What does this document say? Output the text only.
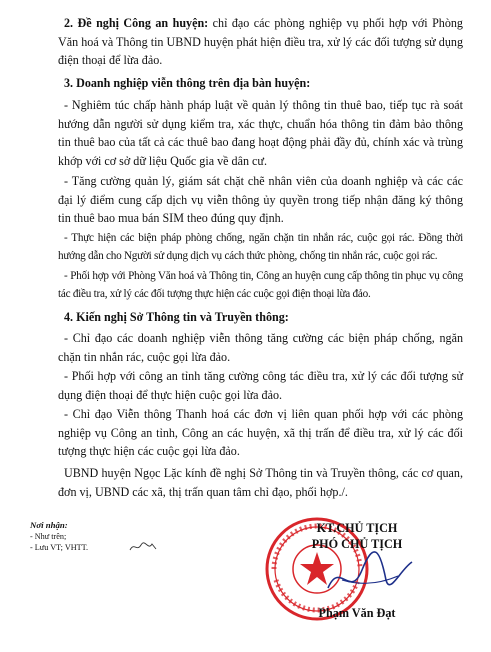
2. Đề nghị Công an huyện: chỉ đạo các phòng nghiệp vụ phối hợp với Phòng Văn hoá và Thông tin UBND huyện phát hiện điều tra, xử lý các đối tượng sử dụng điện thoại để lừa đảo.

3. Doanh nghiệp viễn thông trên địa bàn huyện:

- Nghiêm túc chấp hành pháp luật về quản lý thông tin thuê bao, tiếp tục rà soát hướng dẫn người sử dụng kiểm tra, xác thực, chuẩn hóa thông tin đảm bảo thông tin thuê bao của tất cả các thuê bao đang hoạt động phải đầy đủ, chính xác và trùng khớp với cơ sở dữ liệu Quốc gia về dân cư.

- Tăng cường quản lý, giám sát chặt chẽ nhân viên của doanh nghiệp và các các đại lý điểm cung cấp dịch vụ viễn thông ủy quyền trong tiếp nhận đăng ký thông tin thuê bao mua bán SIM theo đúng quy định.

- Thực hiện các biện pháp phòng chống, ngăn chặn tin nhắn rác, cuộc gọi rác. Đồng thời hướng dẫn cho Người sử dụng dịch vụ cách thức phòng, chống tin nhắn rác, cuộc gọi rác.

- Phối hợp với Phòng Văn hoá và Thông tin, Công an huyện cung cấp thông tin phục vụ công tác điều tra, xử lý các đối tượng thực hiện các cuộc gọi điện thoại lừa đảo.

4. Kiến nghị Sở Thông tin và Truyền thông:

- Chỉ đạo các doanh nghiệp viễn thông tăng cường các biện pháp chống, ngăn chặn tin nhắn rác, cuộc gọi lừa đảo.

- Phối hợp với công an tỉnh tăng cường công tác điều tra, xử lý các đối tượng sử dụng điện thoại để thực hiện cuộc gọi lừa đảo.

- Chỉ đạo Viễn thông Thanh hoá các đơn vị liên quan phối hợp với các phòng nghiệp vụ Công an tỉnh, Công an các huyện, xã thị trấn để điều tra, xử lý các đối tượng thực hiện các cuộc gọi lừa đảo.

UBND huyện Ngọc Lặc kính đề nghị Sở Thông tin và Truyền thông, các cơ quan, đơn vị, UBND các xã, thị trấn quan tâm chỉ đạo, phối hợp./.

Nơi nhận:
- Như trên;
- Lưu VT; VHTT.
KT.CHỦ TỊCH
PHÓ CHỦ TỊCH
Phạm Văn Đạt
